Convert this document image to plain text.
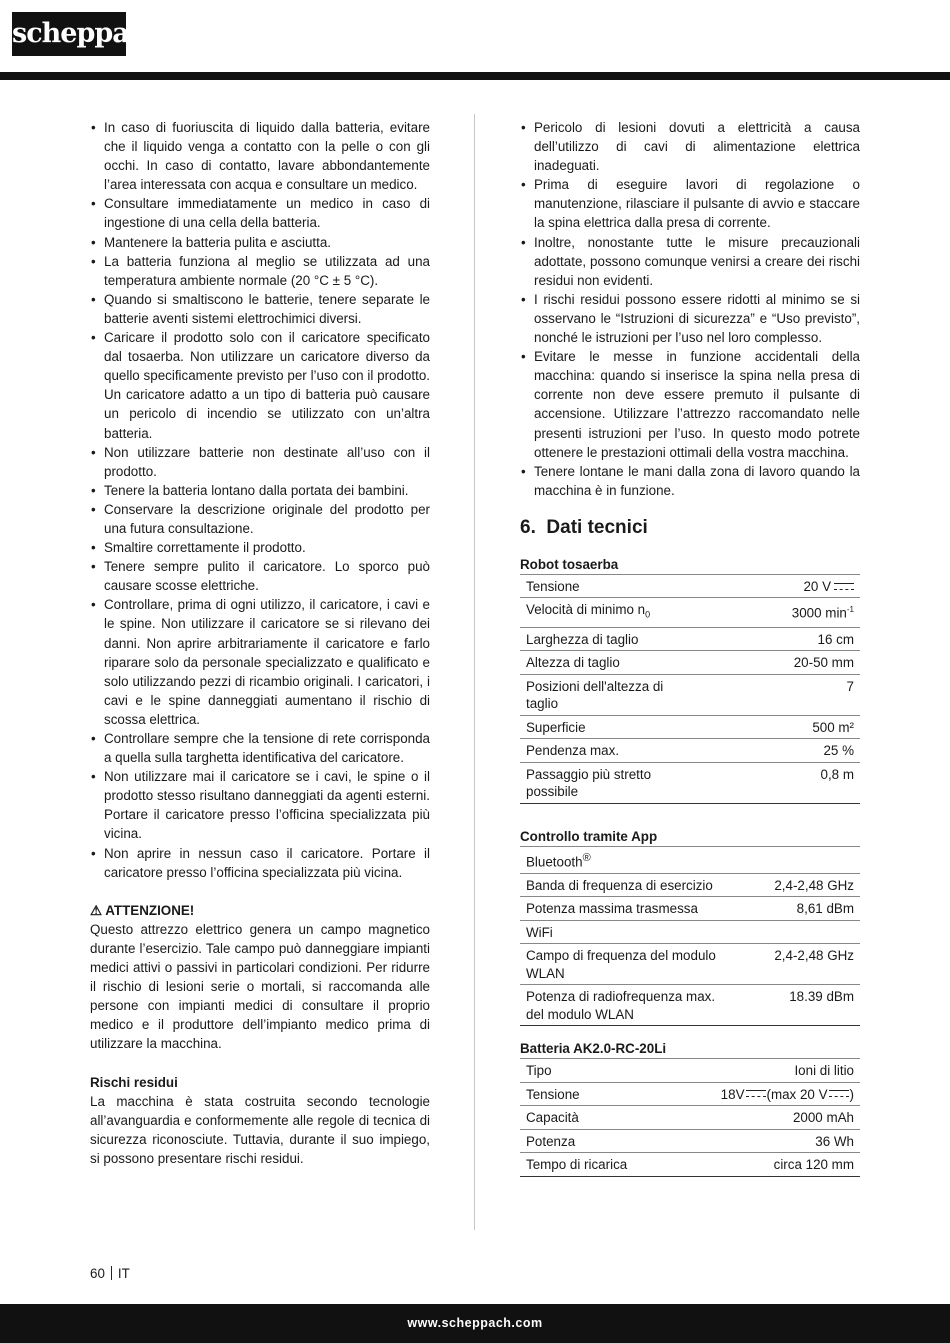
scheppach
• In caso di fuoriuscita di liquido dalla batteria, evitare che il liquido venga a contatto con la pelle o con gli occhi. In caso di contatto, lavare abbondantemente l’area interessata con acqua e consultare un medico.
• Consultare immediatamente un medico in caso di ingestione di una cella della batteria.
• Mantenere la batteria pulita e asciutta.
• La batteria funziona al meglio se utilizzata ad una temperatura ambiente normale (20 °C ± 5 °C).
• Quando si smaltiscono le batterie, tenere separate le batterie aventi sistemi elettrochimici diversi.
• Caricare il prodotto solo con il caricatore specificato dal tosaerba. Non utilizzare un caricatore diverso da quello specificamente previsto per l’uso con il prodotto. Un caricatore adatto a un tipo di batteria può causare un pericolo di incendio se utilizzato con un’altra batteria.
• Non utilizzare batterie non destinate all’uso con il prodotto.
• Tenere la batteria lontano dalla portata dei bambini.
• Conservare la descrizione originale del prodotto per una futura consultazione.
• Smaltire correttamente il prodotto.
• Tenere sempre pulito il caricatore. Lo sporco può causare scosse elettriche.
• Controllare, prima di ogni utilizzo, il caricatore, i cavi e le spine. Non utilizzare il caricatore se si rilevano dei danni. Non aprire arbitrariamente il caricatore e farlo riparare solo da personale specializzato e qualificato e solo utilizzando pezzi di ricambio originali. I caricatori, i cavi e le spine danneggiati aumentano il rischio di scossa elettrica.
• Controllare sempre che la tensione di rete corrisponda a quella sulla targhetta identificativa del caricatore.
• Non utilizzare mai il caricatore se i cavi, le spine o il prodotto stesso risultano danneggiati da agenti esterni. Portare il caricatore presso l’officina specializzata più vicina.
• Non aprire in nessun caso il caricatore. Portare il caricatore presso l’officina specializzata più vicina.
⚠ ATTENZIONE!

Questo attrezzo elettrico genera un campo magnetico durante l’esercizio. Tale campo può danneggiare impianti medici attivi o passivi in particolari condizioni. Per ridurre il rischio di lesioni serie o mortali, si raccomanda alle persone con impianti medici di consultare il proprio medico e il produttore dell’impianto medico prima di utilizzare la macchina.

Rischi residui

La macchina è stata costruita secondo tecnologie all’avanguardia e conformemente alle regole di tecnica di sicurezza riconosciute. Tuttavia, durante il suo impiego, si possono presentare rischi residui.

• Pericolo di lesioni dovuti a elettricità a causa dell’utilizzo di cavi di alimentazione elettrica inadeguati.
• Prima di eseguire lavori di regolazione o manutenzione, rilasciare il pulsante di avvio e staccare la spina elettrica dalla presa di corrente.
• Inoltre, nonostante tutte le misure precauzionali adottate, possono comunque venirsi a creare dei rischi residui non evidenti.
• I rischi residui possono essere ridotti al minimo se si osservano le “Istruzioni di sicurezza” e “Uso previsto”, nonché le istruzioni per l’uso nel loro complesso.
• Evitare le messe in funzione accidentali della macchina: quando si inserisce la spina nella presa di corrente non deve essere premuto il pulsante di accensione. Utilizzare l’attrezzo raccomandato nelle presenti istruzioni per l’uso. In questo modo potrete ottenere le prestazioni ottimali della vostra macchina.
• Tenere lontane le mani dalla zona di lavoro quando la macchina è in funzione.
6. Dati tecnici
Robot tosaerba
Tensione	20 V
Velocità di minimo $n_0$	3000 $\min^{-1}$
Larghezza di taglio	16 cm
Altezza di taglio	20-50 mm
Posizioni dell'altezza di taglio	7
Superficie	500 m²
Pendenza max.	25 %
Passaggio più stretto possibile	0,8 m
Controllo tramite App
Bluetooth®
Banda di frequenza di esercizio	2,4-2,48 GHz
Potenza massima trasmessa	8,61 dBm
WiFi	
Campo di frequenza del modulo WLAN	2,4-2,48 GHz
Potenza di radiofrequenza max. del modulo WLAN	18.39 dBm
Batteria AK2.0-RC-20Li
Tipo	Ioni di litio
Tensione	18V (max 20 V )
Capacità	2000 mAh
Potenza	36 Wh
Tempo di ricarica	circa 120 mm
60 IT
www.scheppach.com
